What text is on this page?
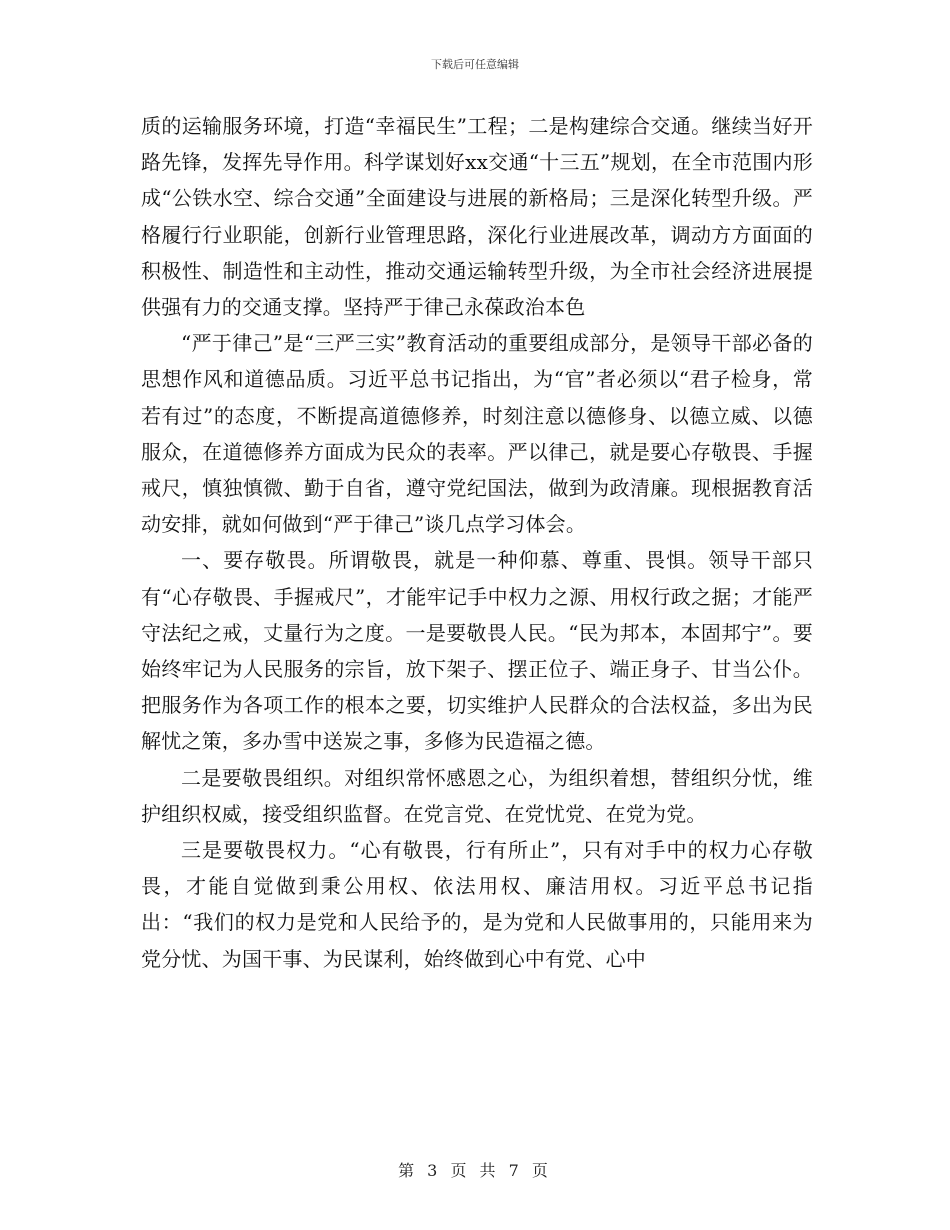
下载后可任意编辑

质的运输服务环境，打造“幸福民生”工程；二是构建综合交通。继续当好开路先锋，发挥先导作用。科学谋划好xx交通“十三五”规划，在全市范围内形成“公铁水空、综合交通”全面建设与进展的新格局；三是深化转型升级。严格履行行业职能，创新行业管理思路，深化行业进展改革，调动方方面面的积极性、制造性和主动性，推动交通运输转型升级，为全市社会经济进展提供强有力的交通支撑。坚持严于律己永葆政治本色

“严于律己”是“三严三实”教育活动的重要组成部分，是领导干部必备的思想作风和道德品质。习近平总书记指出，为“官”者必须以“君子检身，常若有过”的态度，不断提高道德修养，时刻注意以德修身、以德立威、以德服众，在道德修养方面成为民众的表率。严以律己，就是要心存敬畏、手握戒尺，慎独慎微、勤于自省，遵守党纪国法，做到为政清廉。现根据教育活动安排，就如何做到“严于律己”谈几点学习体会。

一、要存敬畏。所谓敬畏，就是一种仰慕、尊重、畏惧。领导干部只有“心存敬畏、手握戒尺”，才能牢记手中权力之源、用权行政之据；才能严守法纪之戒，丈量行为之度。一是要敬畏人民。“民为邦本，本固邦宁”。要始终牢记为人民服务的宗旨，放下架子、摆正位子、端正身子、甘当公仆。把服务作为各项工作的根本之要，切实维护人民群众的合法权益，多出为民解忧之策，多办雪中送炭之事，多修为民造福之德。

二是要敬畏组织。对组织常怀感恩之心，为组织着想，替组织分忧，维护组织权威，接受组织监督。在党言党、在党忧党、在党为党。

三是要敬畏权力。“心有敬畏，行有所止”，只有对手中的权力心存敬畏，才能自觉做到秉公用权、依法用权、廉洁用权。习近平总书记指出：“我们的权力是党和人民给予的，是为党和人民做事用的，只能用来为党分忧、为国干事、为民谋利，始终做到心中有党、心中

第 3 页 共 7 页
